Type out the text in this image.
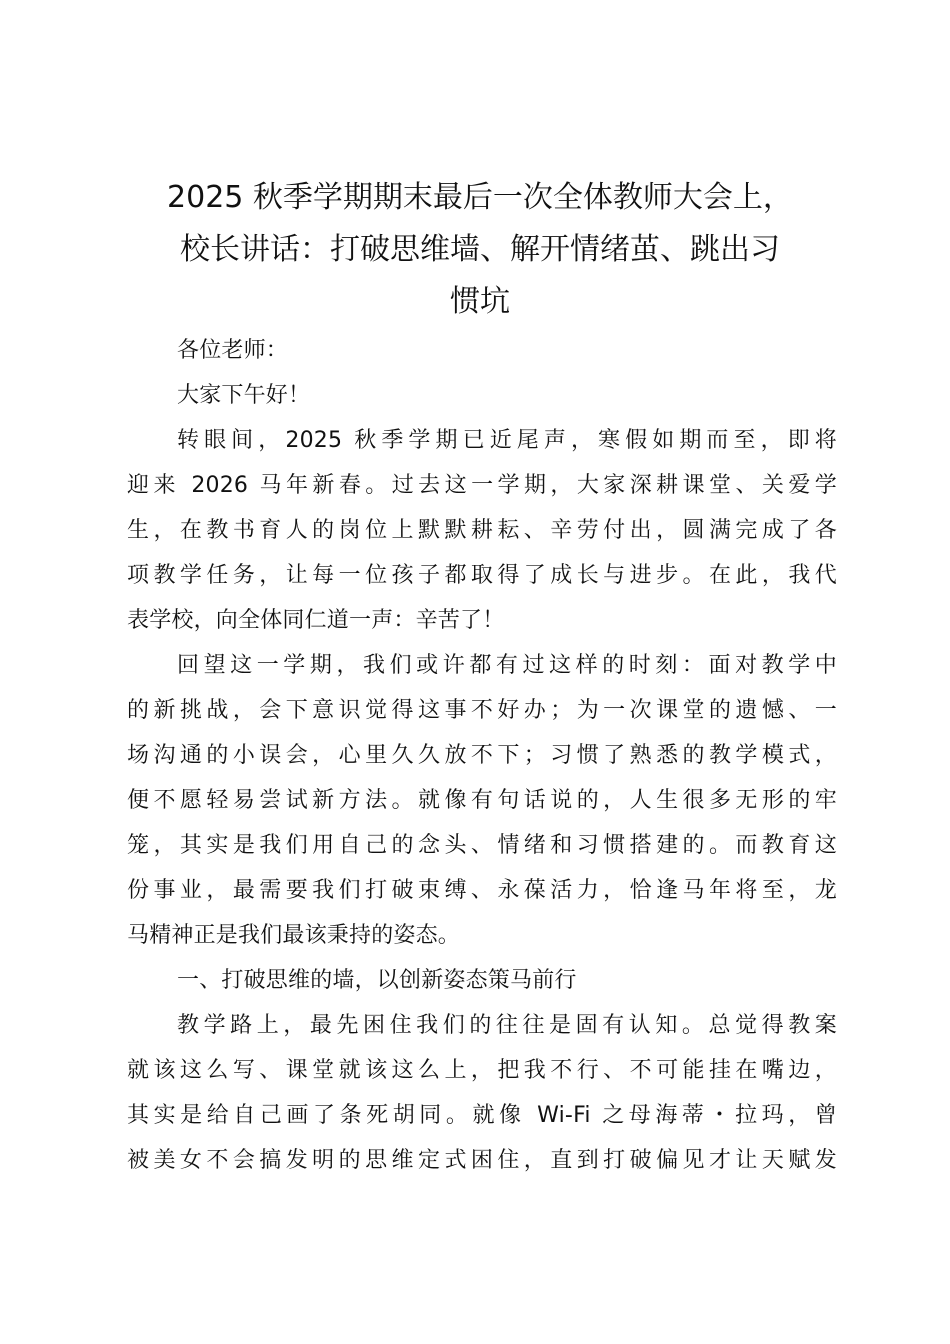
2025 秋季学期期末最后一次全体教师大会上，
校长讲话：打破思维墙、解开情绪茧、跳出习
惯坑
各位老师：
大家下午好！
转眼间，2025 秋季学期已近尾声，寒假如期而至，即将
迎来 2026 马年新春。过去这一学期，大家深耕课堂、关爱学
生，在教书育人的岗位上默默耕耘、辛劳付出，圆满完成了各
项教学任务，让每一位孩子都取得了成长与进步。在此，我代
表学校，向全体同仁道一声：辛苦了！
回望这一学期，我们或许都有过这样的时刻：面对教学中
的新挑战，会下意识觉得这事不好办；为一次课堂的遗憾、一
场沟通的小误会，心里久久放不下；习惯了熟悉的教学模式，
便不愿轻易尝试新方法。就像有句话说的，人生很多无形的牢
笼，其实是我们用自己的念头、情绪和习惯搭建的。而教育这
份事业，最需要我们打破束缚、永葆活力，恰逢马年将至，龙
马精神正是我们最该秉持的姿态。
一、打破思维的墙，以创新姿态策马前行
教学路上，最先困住我们的往往是固有认知。总觉得教案
就该这么写、课堂就该这么上，把我不行、不可能挂在嘴边，
其实是给自己画了条死胡同。就像 Wi-Fi 之母海蒂・拉玛，曾
被美女不会搞发明的思维定式困住，直到打破偏见才让天赋发
